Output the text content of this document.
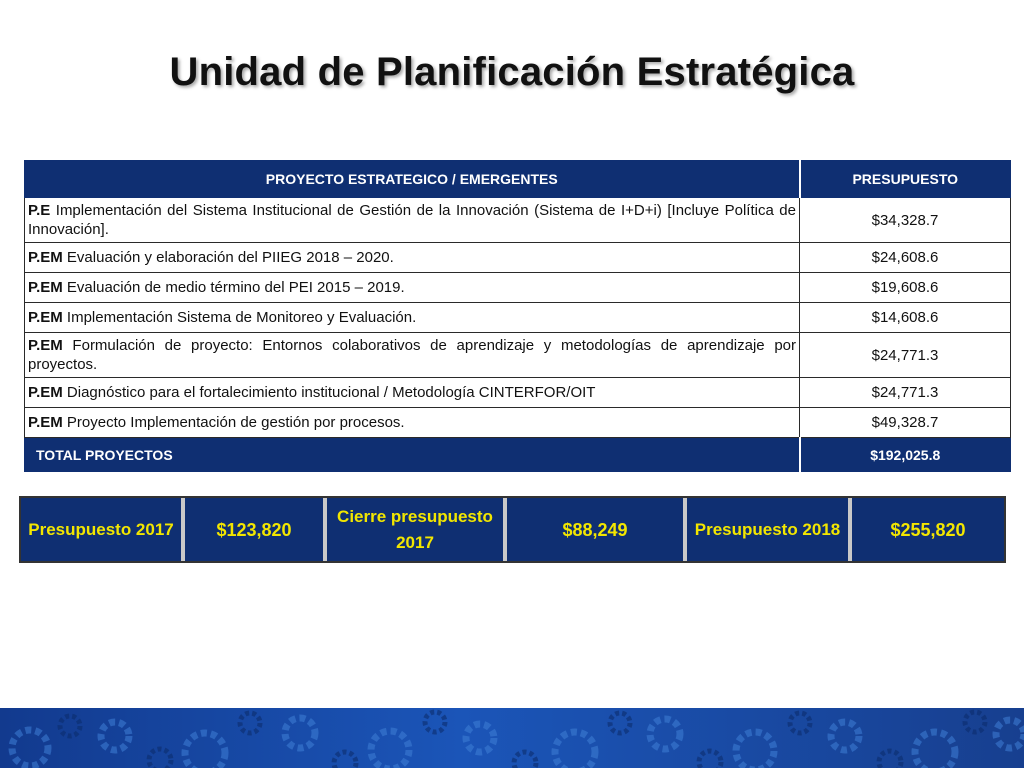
Unidad de Planificación Estratégica
PROYECTO ESTRATEGICO / EMERGENTES	PRESUPUESTO
P.E Implementación del Sistema Institucional de Gestión de la Innovación (Sistema de I+D+i) [Incluye Política de Innovación].	$34,328.7
P.EM Evaluación y elaboración del PIIEG 2018 – 2020.	$24,608.6
P.EM Evaluación de medio término del PEI 2015 – 2019.	$19,608.6
P.EM Implementación Sistema de Monitoreo y Evaluación.	$14,608.6
P.EM Formulación de proyecto: Entornos colaborativos de aprendizaje y metodologías de aprendizaje por proyectos.	$24,771.3
P.EM Diagnóstico para el fortalecimiento institucional / Metodología CINTERFOR/OIT	$24,771.3
P.EM Proyecto Implementación de gestión por procesos.	$49,328.7
TOTAL PROYECTOS	$192,025.8
Presupuesto 2017	$123,820	Cierre presupuesto 2017	$88,249	Presupuesto 2018	$255,820
